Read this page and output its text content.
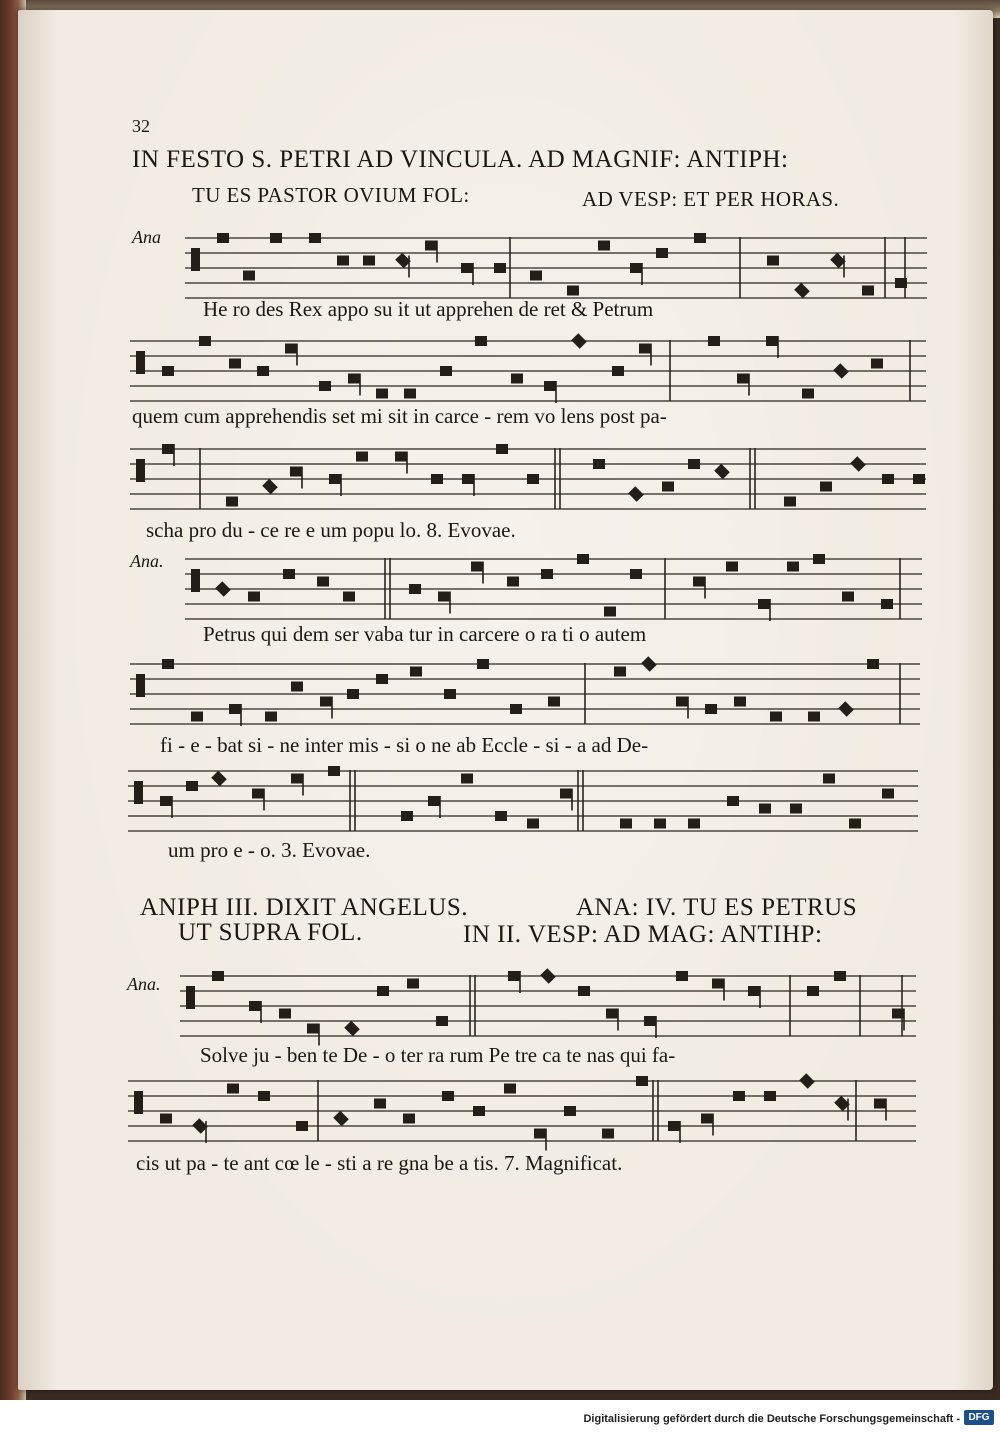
32
IN FESTO S. PETRI AD VINCULA. AD MAGNIF: ANTIPH:
TU ES PASTOR OVIUM FOL:	AD VESP: ET PER HORAS.
Ana
He ro des Rex appo su it ut apprehen de ret & Petrum
quem cum apprehendis set mi sit in carce - rem vo lens post pa-
scha pro du - ce re e um popu lo. 8. Evovae.
Ana.
Petrus qui dem ser vaba tur in carcere o ra ti o autem
fi - e - bat si - ne inter mis - si o ne ab Eccle - si - a ad De-
um pro e - o. 3. Evovae.
ANIPH III. DIXIT ANGELUS.	ANA: IV. TU ES PETRUS
UT SUPRA FOL.	IN II. VESP: AD MAG: ANTIHP:
Ana.
Solve ju - ben te De - o ter ra rum Pe tre ca te nas qui fa-
cis ut pa - te ant cœ le - sti a re gna be a tis. 7. Magnificat.
Digitalisierung gefördert durch die Deutsche Forschungsgemeinschaft - DFG
